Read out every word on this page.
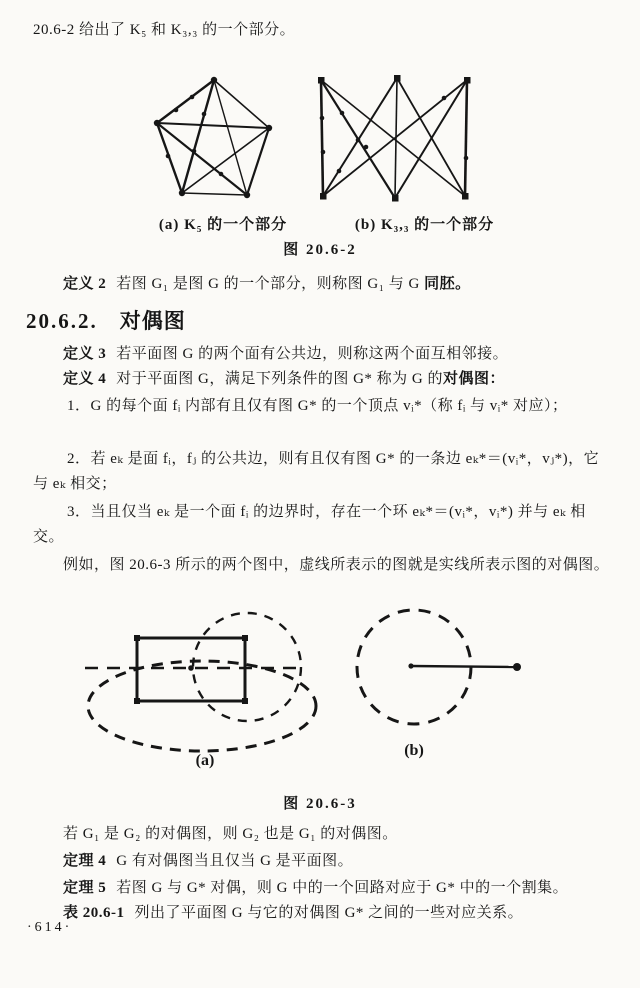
20.6-2 给出了 K₅ 和 K₃,₃ 的一个部分。

(a) K₅ 的一个部分	(b) K₃,₃ 的一个部分
图 20.6-2

定义 2 若图 G₁ 是图 G 的一个部分，则称图 G₁ 与 G 同胚。

20.6.2. 对偶图

定义 3 若平面图 G 的两个面有公共边，则称这两个面互相邻接。

定义 4 对于平面图 G，满足下列条件的图 G* 称为 G 的对偶图：

1．G 的每个面 fᵢ 内部有且仅有图 G* 的一个顶点 vᵢ*（称 fᵢ 与 vᵢ* 对应）；

2．若 eₖ 是面 fᵢ，fⱼ 的公共边，则有且仅有图 G* 的一条边 eₖ*＝(vᵢ*，vⱼ*)，它与 eₖ 相交；

3．当且仅当 eₖ 是一个面 fᵢ 的边界时，存在一个环 eₖ*＝(vᵢ*，vᵢ*) 并与 eₖ 相交。

例如，图 20.6-3 所示的两个图中，虚线所表示的图就是实线所表示图的对偶图。

(a)
(b)
图 20.6-3

若 G₁ 是 G₂ 的对偶图，则 G₂ 也是 G₁ 的对偶图。

定理 4 G 有对偶图当且仅当 G 是平面图。

定理 5 若图 G 与 G* 对偶，则 G 中的一个回路对应于 G* 中的一个割集。

表 20.6-1 列出了平面图 G 与它的对偶图 G* 之间的一些对应关系。

·614·
